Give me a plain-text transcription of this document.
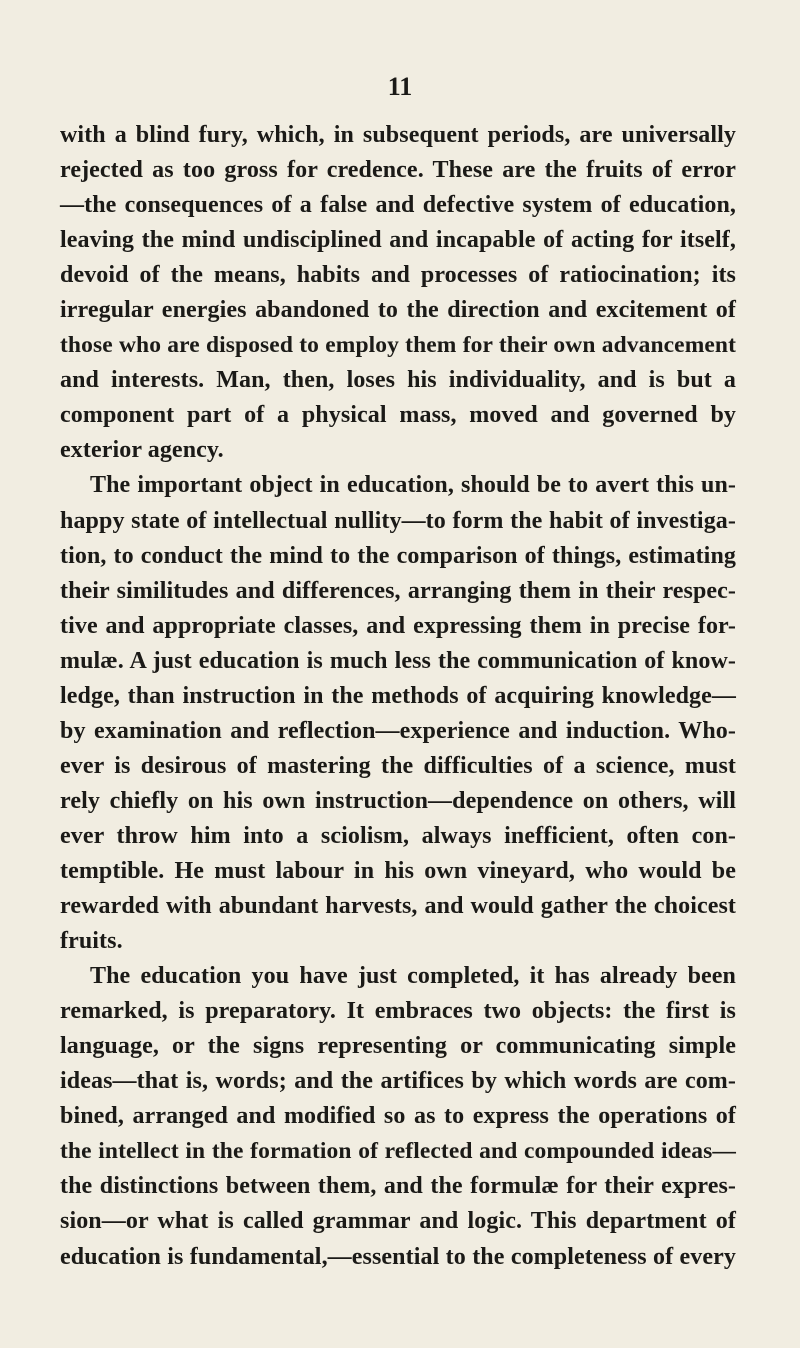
11
with a blind fury, which, in subsequent periods, are universally
rejected as too gross for credence. These are the fruits of error
—the consequences of a false and defective system of education,
leaving the mind undisciplined and incapable of acting for itself,
devoid of the means, habits and processes of ratiocination; its
irregular energies abandoned to the direction and excitement of
those who are disposed to employ them for their own advancement
and interests. Man, then, loses his individuality, and is but a
component part of a physical mass, moved and governed by
exterior agency.
The important object in education, should be to avert this un-
happy state of intellectual nullity—to form the habit of investiga-
tion, to conduct the mind to the comparison of things, estimating
their similitudes and differences, arranging them in their respec-
tive and appropriate classes, and expressing them in precise for-
mulæ. A just education is much less the communication of know-
ledge, than instruction in the methods of acquiring knowledge—
by examination and reflection—experience and induction. Who-
ever is desirous of mastering the difficulties of a science, must
rely chiefly on his own instruction—dependence on others, will
ever throw him into a sciolism, always inefficient, often con-
temptible. He must labour in his own vineyard, who would be
rewarded with abundant harvests, and would gather the choicest
fruits.
The education you have just completed, it has already been
remarked, is preparatory. It embraces two objects: the first is
language, or the signs representing or communicating simple
ideas—that is, words; and the artifices by which words are com-
bined, arranged and modified so as to express the operations of
the intellect in the formation of reflected and compounded ideas—
the distinctions between them, and the formulæ for their expres-
sion—or what is called grammar and logic. This department of
education is fundamental,—essential to the completeness of every
